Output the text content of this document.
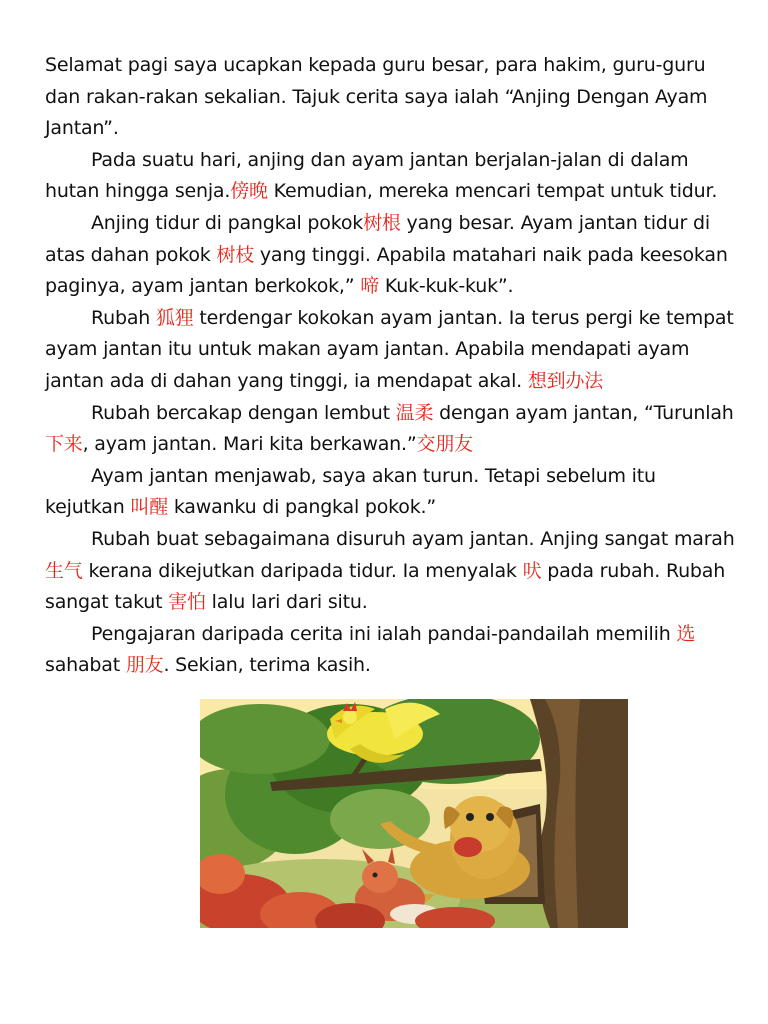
Selamat pagi saya ucapkan kepada guru besar, para hakim, guru-guru dan rakan-rakan sekalian. Tajuk cerita saya ialah “Anjing Dengan Ayam Jantan”.

Pada suatu hari, anjing dan ayam jantan berjalan-jalan di dalam hutan hingga senja.傍晚 Kemudian, mereka mencari tempat untuk tidur.

Anjing tidur di pangkal pokok树根 yang besar. Ayam jantan tidur di atas dahan pokok 树枝 yang tinggi. Apabila matahari naik pada keesokan paginya, ayam jantan berkokok,” 啼 Kuk-kuk-kuk”.

Rubah 狐狸 terdengar kokokan ayam jantan. Ia terus pergi ke tempat ayam jantan itu untuk makan ayam jantan. Apabila mendapati ayam jantan ada di dahan yang tinggi, ia mendapat akal. 想到办法

Rubah bercakap dengan lembut 温柔 dengan ayam jantan, “Turunlah 下来, ayam jantan. Mari kita berkawan.”交朋友

Ayam jantan menjawab, saya akan turun. Tetapi sebelum itu kejutkan 叫醒 kawanku di pangkal pokok.”

Rubah buat sebagaimana disuruh ayam jantan. Anjing sangat marah 生气 kerana dikejutkan daripada tidur. Ia menyalak 吠 pada rubah. Rubah sangat takut 害怕 lalu lari dari situ.

Pengajaran daripada cerita ini ialah pandai-pandailah memilih 选 sahabat 朋友. Sekian, terima kasih.
